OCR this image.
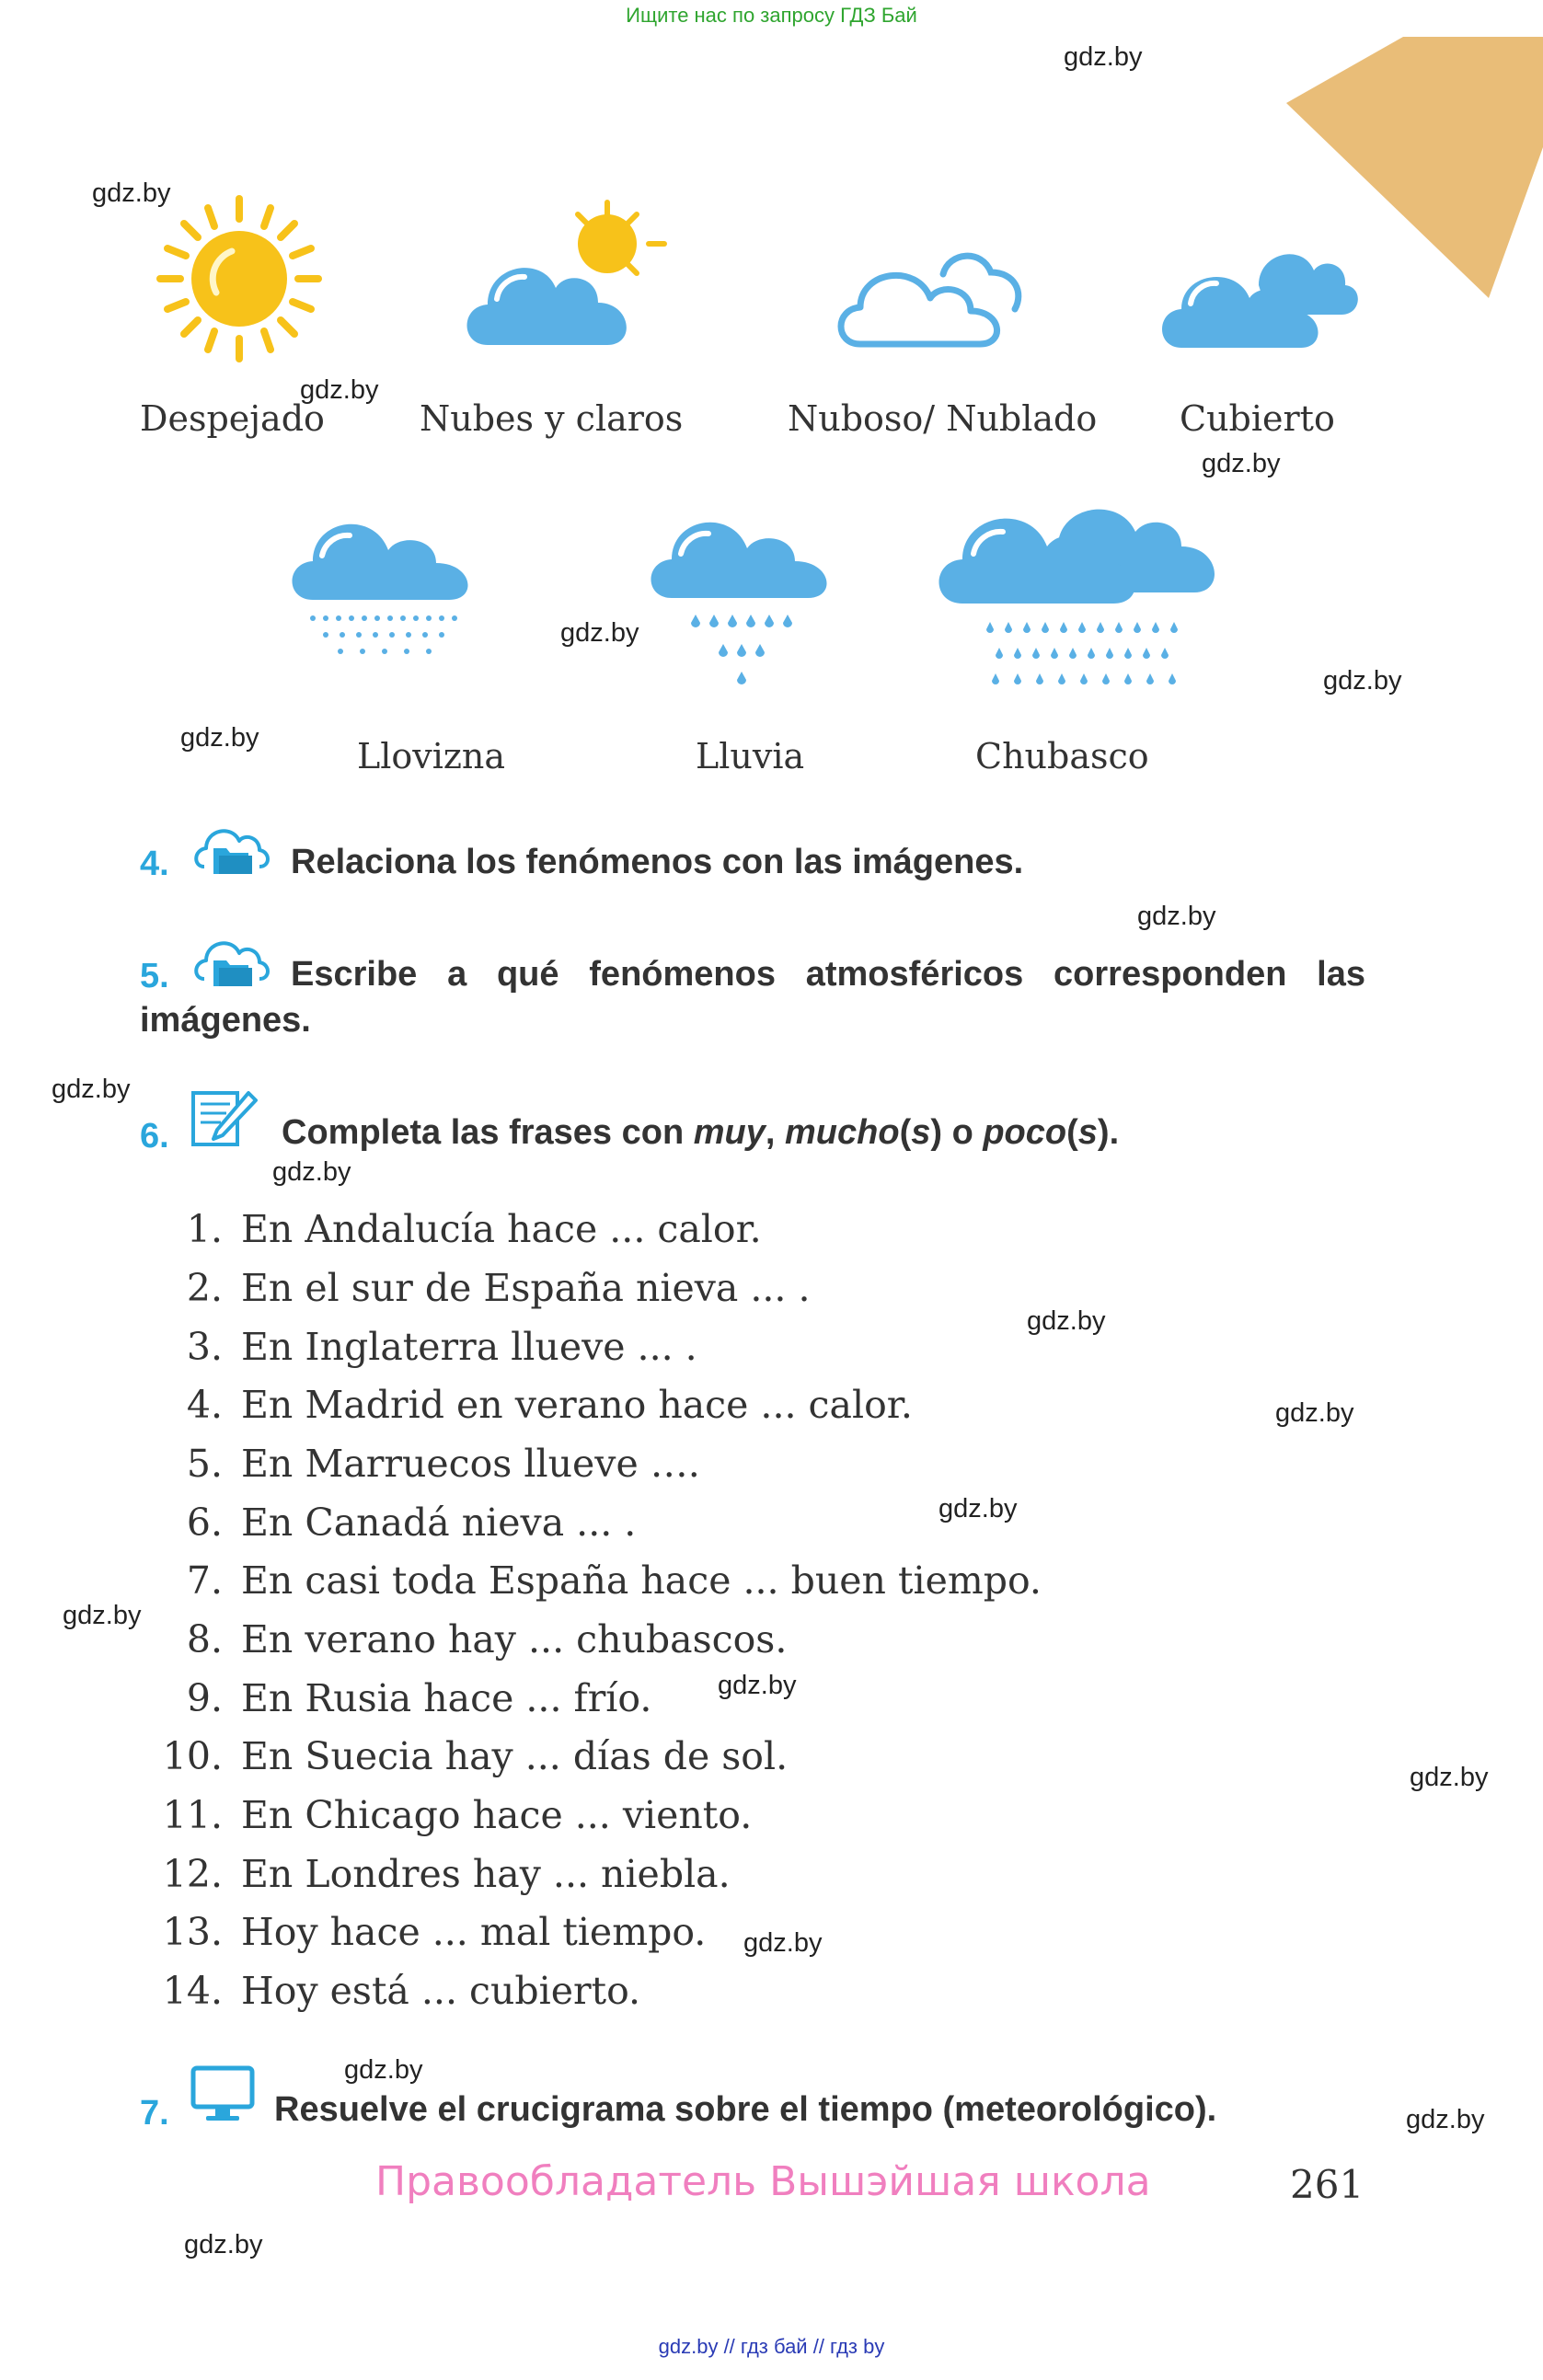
Ищите нас по запросу ГДЗ Бай
gdz.by
gdz.by
gdz.by
gdz.by
gdz.by
gdz.by
gdz.by
gdz.by
gdz.by
gdz.by
gdz.by
gdz.by
gdz.by
gdz.by
gdz.by
gdz.by
gdz.by
gdz.by
gdz.by
gdz.by
Despejado	Nubes y claros	Nuboso/ Nublado Cubierto
Llovizna	Lluvia	Chubasco
4.	Relaciona los fenómenos con las imágenes.
5.	Escribe a qué fenómenos atmosféricos corresponden las
imágenes.
6.	Completa las frases con muy, mucho(s) o poco(s).
1. En Andalucía hace ... calor.
2. En el sur de España nieva ... .
3. En Inglaterra llueve ... .
4. En Madrid en verano hace ... calor.
5. En Marruecos llueve ….
6. En Canadá nieva ... .
7. En casi toda España hace ... buen tiempo.
8. En verano hay ... chubascos.
9. En Rusia hace ... frío.
10. En Suecia hay ... días de sol.
11. En Chicago hace ... viento.
12. En Londres hay ... niebla.
13. Hoy hace ... mal tiempo.
14. Hoy está ... cubierto.
7.	Resuelve el crucigrama sobre el tiempo (meteorológico).
Правообладатель Вышэйшая школа	261
gdz.by // гдз бай // гдз by
